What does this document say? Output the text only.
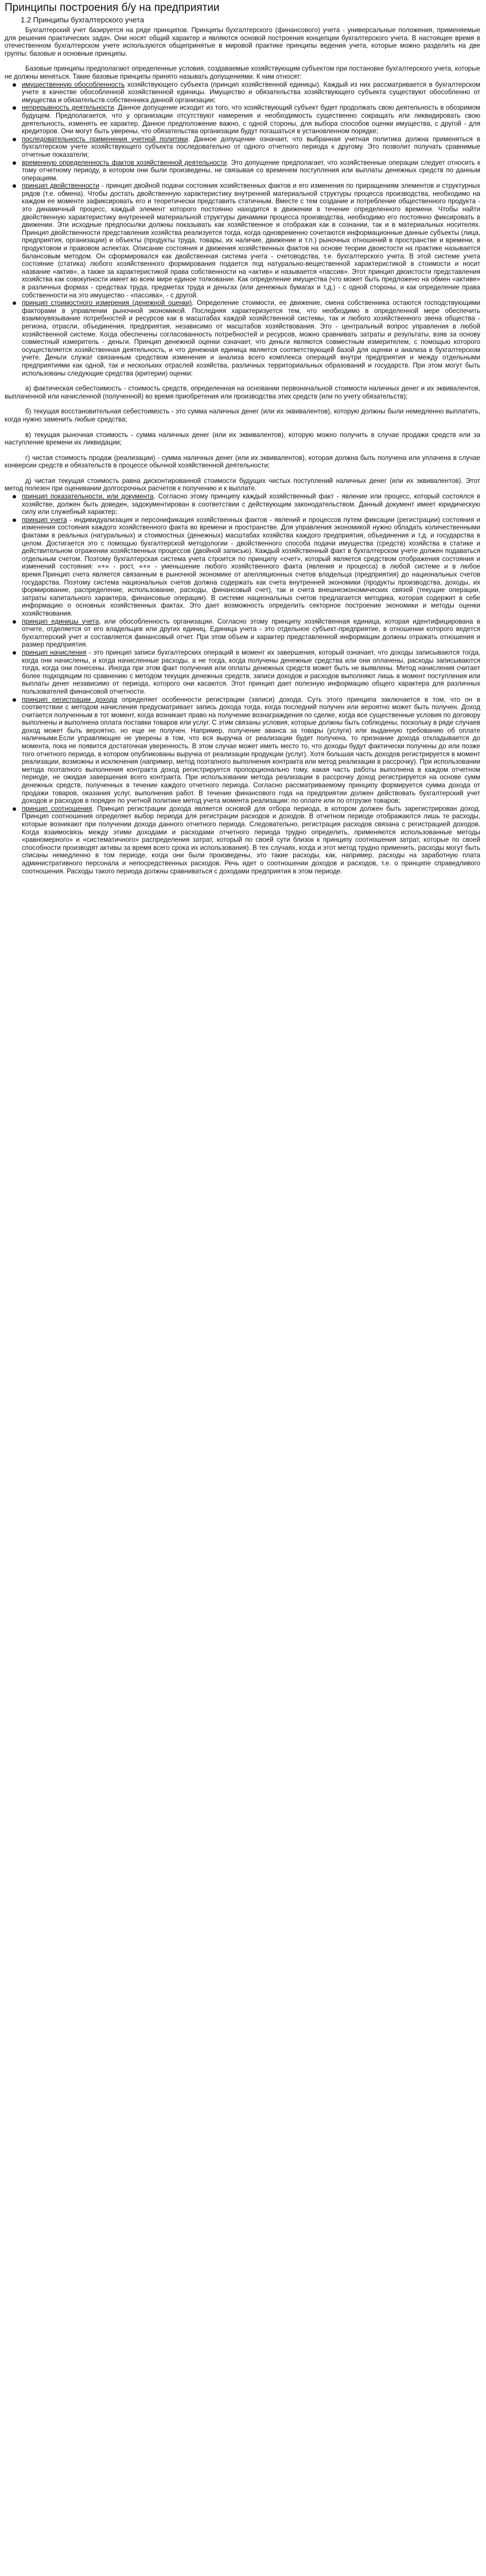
Принципы построения б/у на предприятии
1.2 Принципы бухгалтерского учета

Бухгалтерский учет базируется на ряде принципов. Принципы бухгалтерского (финансового) учета - универсальные положения, применяемые для решения практических задач. Они носят общий характер и являются основой построения концепции бухгалтерского учета. В настоящее время в отечественном бухгалтерском учете используются общепринятые в мировой практике принципы ведения учета, которые можно разделить на две группы: базовые и основные принципы.

Базовые принципы предполагают определенные условия, создаваемые хозяйствующим субъектом при постановке бухгалтерского учета, которые не должны меняться. Такие базовые принципы принято называть допущениями. К ним относят:

имущественную обособленность хозяйствующего субъекта (принцип хозяйственной единицы). Каждый из них рассматривается в бухгалтерском учете в качестве обособленной хозяйственной единицы. Имущество и обязательства хозяйствующего субъекта существуют обособленно от имущества и обязательств собственника данной организации;
непрерывность деятельности. Данное допущение исходит из того, что хозяйствующий субъект будет продолжать свою деятельность в обозримом будущем. Предполагается, что у организации отсутствуют намерения и необходимость существенно сокращать или ликвидировать свою деятельность, изменять ее характер. Данное предположение важно, с одной стороны, для выбора способов оценки имущества, с другой - для кредиторов. Они могут быть уверены, что обязательства организации будут погашаться в установленном порядке;
последовательность применения учетной политики. Данное допущение означает, что выбранная учетная политика должна применяться в бухгалтерском учете хозяйствующего субъекта последовательно от одного отчетного периода к другому. Это позволит получать сравнимые отчетные показатели;
временную определенность фактов хозяйственной деятельности. Это допущение предполагает, что хозяйственные операции следует относить к тому отчетному периоду, в котором они были произведены, не связывая со временем поступления или выплаты денежных средств по данным операциям.
принцип двойственности - принцип двойной подачи состояния хозяйственных фактов и его изменения по приращениям элементов и структурных рядов (т.е. обмена). Чтобы достать двойственную характеристику внутренней материальной структуры процесса производства, необходимо на каждом ее моменте зафиксировать его и теоретически представить статичным. Вместе с тем создание и потребление общественного продукта - это динамичный процесс, каждый элемент которого постоянно находится в движении в течение определенного времени. Чтобы найти двойственную характеристику внутренней материальной структуры динамики процесса производства, необходимо его постоянно фиксировать в движении. Эти исходные предпосылки должны показывать как хозяйственное и отображая как в сознании, так и в материальных носителях. Принцип двойственности представления хозяйства реализуется тогда, когда одновременно сочетаются информационные данные субъекты (лица, предприятия, организации) и объекты (продукты труда, товары, их наличие, движение и т.п.) рыночных отношений в пространстве и времени, в продуктовом и правовом аспектах. Описание состояния и движения хозяйственных фактов на основе теории двоистости на практике называется балансовым методом. Он сформировался как двойственная система учета - счетоводства, т.е. бухгалтерского учета. В этой системе учета состояние (статика) любого хозяйственного формирования подается под натурально-вещественной характеристикой в стоимости и носит название «актив», а также за характеристикой права собственности на «актив» и называется «пассив». Этот принцип двоистости представления хозяйства как совокупности имеет во всем мире единое толкование. Как определение имущества (что может быть предложено на обмен «активе» в различных формах - средствах труда, предметах труда и деньгах (или денежных бумагах и т.д.) - с одной стороны, и как определение права собственности на это имущество - «пассива», - с другой.
принцип стоимостного измерения (денежной оценки). Определение стоимости, ее движение, смена собственника остаются господствующими факторами в управлении рыночной экономикой. Последняя характеризуется тем, что необходимо в определенной мере обеспечить взаимоувязывание потребностей и ресурсов как в масштабах каждой хозяйственной системы, так и любого хозяйственного звена общества - региона, отрасли, объединения, предприятия, независимо от масштабов хозяйствования. Это - центральный вопрос управления в любой хозяйственной системе. Когда обеспечены согласованность потребностей и ресурсов, можно сравнивать затраты и результаты, взяв за основу совместный измеритель - деньги. Принцип денежной оценки означает, что деньги являются совместным измерителем, с помощью которого осуществляется хозяйственная деятельность, и что денежная единица является соответствующей базой для оценки и анализа в бухгалтерском учете. Деньги служат связанным средством изменения и анализа всего комплекса операций внутри предприятия и между отдельными предприятиями как одной, так и нескольких отраслей хозяйства, различных территориальных образований и государств. При этом могут быть использованы следующие средства (критерии) оценки:

а) фактическая себестоимость - стоимость средств, определенная на основании первоначальной стоимости наличных денег и их эквивалентов, выплаченной или начисленной (полученной) во время приобретения или производства этих средств (или по учету обязательств);

б) текущая восстановительная себестоимость - это сумма наличных денег (или их эквивалентов), которую должны были немедленно выплатить, когда нужно заменить любые средства;

в) текущая рыночная стоимость - сумма наличных денег (или их эквивалентов), которую можно получить в случае продажи средств или за наступление времени их ликвидации;

г) чистая стоимость продаж (реализации) - сумма наличных денег (или их эквивалентов), которая должна быть получена или уплачена в случае конверсии средств и обязательств в процессе обычной хозяйственной деятельности;

д) чистая текущая стоимость равна дисконтированной стоимости будущих чистых поступлений наличных денег (или их эквивалентов). Этот метод полезен при оценивании долгосрочных расчетов к получению и к выплате.

принцип показательности, или документа. Согласно этому принципу каждый хозяйственный факт - явление или процесс, который состоялся в хозяйстве, должен быть доведен, задокументирован в соответствии с действующим законодательством. Данный документ имеет юридическую силу или служебный характер;
принцип учета - индивидуализация и персонификация хозяйственных фактов - явлений и процессов путем фиксации (регистрации) состояния и изменения состояния каждого хозяйственного факта во времени и пространстве. Для управления экономикой нужно обладать количественными фактами в реальных (натуральных) и стоимостных (денежных) масштабах хозяйства каждого предприятия, объединения и т.д. и государства в целом. Достигается это с помощью бухгалтерской методологии - двойственного способа подачи имущества (средств) хозяйства в статике и действительном отражении хозяйственных процессов (двойной записью). Каждый хозяйственный факт в бухгалтерском учете должен подаваться отдельным счетом. Поэтому бухгалтерская система учета строится по принципу «счет», который является средством отображения состояния и изменений состояния: «+» - рост, «+» - уменьшение любого хозяйственного факта (явления и процесса) в любой системе и в любое время.Принцип счета является связанным в рыночной экономике от апелляционных счетов владельца (предприятия) до национальных счетов государства. Поэтому система национальных счетов должна содержать как счета внутренней экономики (продукты производства, доходы, их формирование, распределение, использование, расходы, финансовый счет), так и счета внешнеэкономических связей (текущие операции, затраты капитального характера, финансовые операции). В системе национальных счетов предлагается методика, которая содержит в себе информацию о основных хозяйственных фактах. Это дает возможность определить секторное построение экономики и методы оценки хозяйствования.
принцип единицы учета, или обособленность организации. Согласно этому принципу хозяйственная единица, которая идентифицирована в отчете, отделяется от его владельцев или других единиц. Единица учета - это отдельное субъект-предприятие, в отношении которого ведется бухгалтерский учет и составляется финансовый отчет. При этом объем и характер представленной информации должны отражать отношения и размер предприятия.
принцип начисления - это принцип записи бухгалтерских операций в момент их завершения, который означает, что доходы записываются тогда, когда они начислены, и когда начисленные расходы, а не тогда, когда получены денежные средства или они оплачены, расходы записываются тогда, когда они понесены. Иногда при этом факт получения или оплаты денежных средств может быть не выявлены. Метод начисления считает более подходящим по сравнению с методом текущих денежных средств, записи доходов и расходов выполняют лишь в момент поступления или выплаты денег независимо от периода, которого они касаются. Этот принцип дает полезную информацию общего характера для различных пользователей финансовой отчетности.
принцип регистрации дохода определяет особенности регистрации (записи) дохода. Суть этого принципа заключается в том, что он в соответствии с методом начисления предусматривает запись дохода тогда, когда последний получен или вероятно может быть получен. Доход считается полученным в тот момент, когда возникает право на получение вознаграждения по сделке, когда все существенные условия по договору выполнены и выполнена оплата поставки товаров или услуг. С этим связаны условия, которые должны быть соблюдены, поскольку в ряде случаев доход может быть вероятно, но еще не получен. Например, получение аванса за товары (услуги) или выданную требованию об оплате наличными.Если управляющие не уверены в том, что вся выручка от реализации будет получена, то признание дохода откладывается до момента, пока не появится достаточная уверенность. В этом случае может иметь место то, что доходы будут фактически получены до или позже того отчетного периода, в котором опубликованы выручка от реализации продукции (услуг). Хотя большая часть доходов регистрируется в момент реализации, возможны и исключения (например, метод поэтапного выполнения контракта или метод реализации в рассрочку). При использовании метода поэтапного выполнения контракта доход регистрируется пропорционально тому, какая часть работы выполнена в каждом отчетном периоде, не ожидая завершения всего контракта. При использовании метода реализации в рассрочку доход регистрируется на основе сумм денежных средств, полученных в течение каждого отчетного периода. Согласно рассматриваемому принципу формируется сумма дохода от продажи товаров, оказания услуг, выполнения работ. В течение финансового года на предприятии должен действовать бухгалтерский учет доходов и расходов в порядке по учетной политике метод учета момента реализации: по оплате или по отгрузке товаров;
принцип соотношения. Принцип регистрации дохода является основой для отбора периода, в котором должен быть зарегистрирован доход. Принцип соотношения определяет выбор периода для регистрации расходов и доходов. В отчетном периоде отображаются лишь те расходы, которые возникают при получении дохода данного отчетного периода. Следовательно, регистрация расходов связана с регистрацией доходов. Когда взаимосвязь между этими доходами и расходами отчетного периода трудно определить, применяются использованные методы «равномерного» и «систематичного» распределения затрат, который по своей сути близок к принципу соотношения затрат, которые по своей способности производят активы за время всего срока их использования). В тех случаях, когда и этот метод трудно применить, расходы могут быть списаны немедленно в том периоде, когда они были произведены, это такие расходы, как, например, расходы на заработную плата административного персонала и непосредственных расходов. Речь идет о соотношении доходов и расходов, т.е. о принципе справедливого соотношения. Расходы такого периода должны сравниваться с доходами предприятия в этом периоде.
